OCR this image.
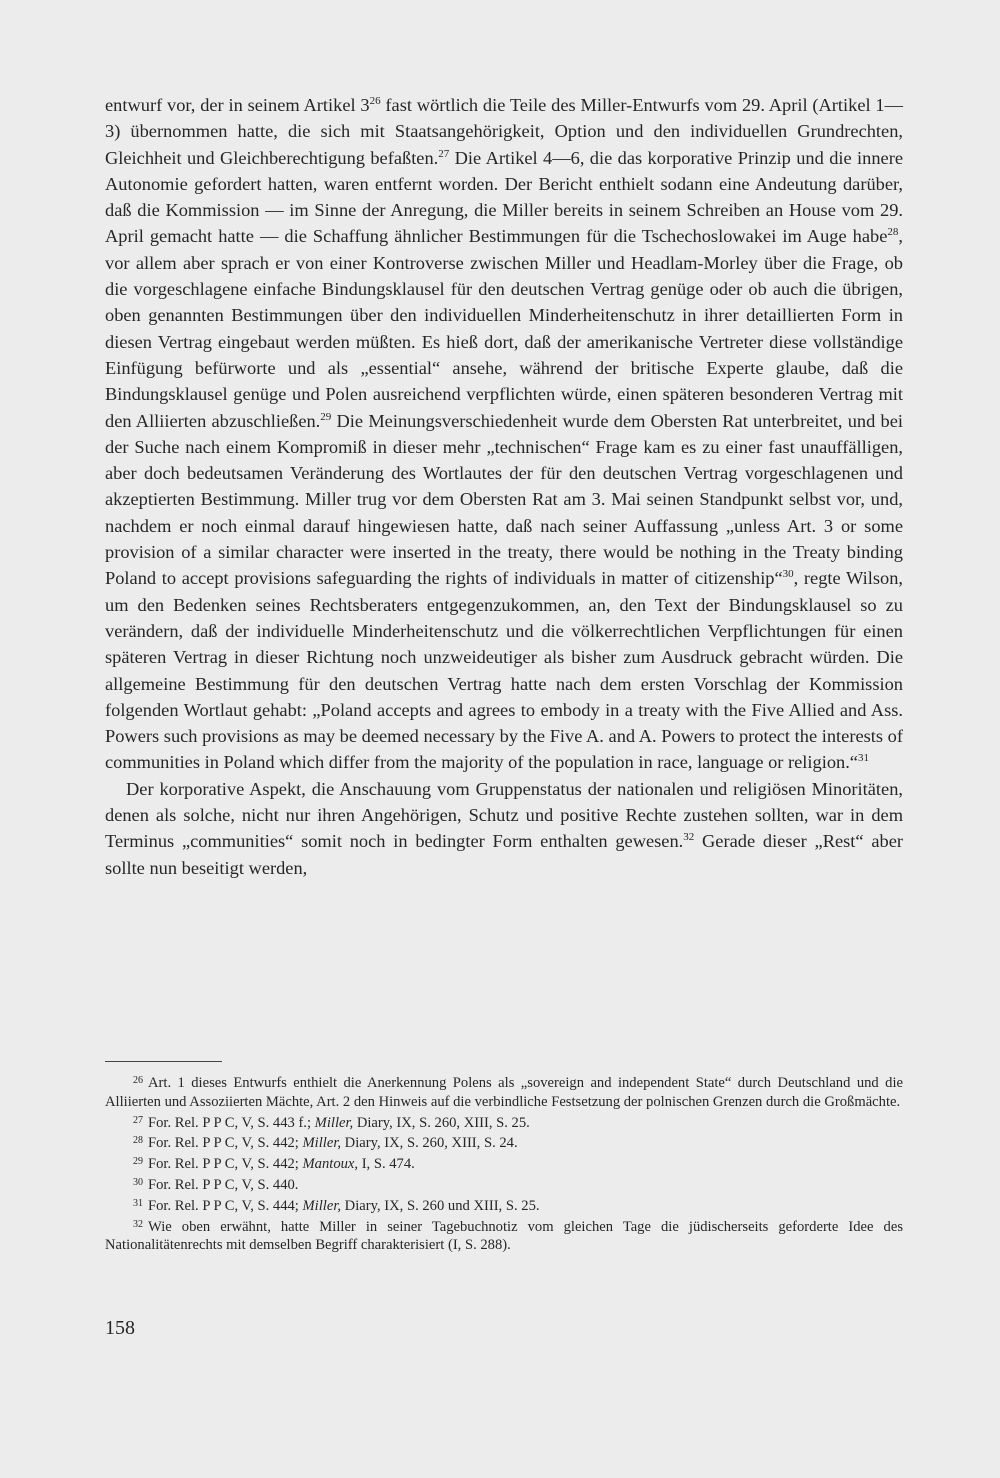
entwurf vor, der in seinem Artikel $3^{26}$ fast wörtlich die Teile des Miller-Entwurfs vom 29. April (Artikel 1—3) übernommen hatte, die sich mit Staatsangehörigkeit, Option und den individuellen Grundrechten, Gleichheit und Gleichberechtigung befaßten.$^{27}$ Die Artikel 4—6, die das korporative Prinzip und die innere Autonomie gefordert hatten, waren entfernt worden. Der Bericht enthielt sodann eine Andeutung darüber, daß die Kommission — im Sinne der Anregung, die Miller bereits in seinem Schreiben an House vom 29. April gemacht hatte — die Schaffung ähnlicher Bestimmungen für die Tschechoslowakei im Auge habe$^{28}$, vor allem aber sprach er von einer Kontroverse zwischen Miller und Headlam-Morley über die Frage, ob die vorgeschlagene einfache Bindungsklausel für den deutschen Vertrag genüge oder ob auch die übrigen, oben genannten Bestimmungen über den individuellen Minderheitenschutz in ihrer detaillierten Form in diesen Vertrag eingebaut werden müßten. Es hieß dort, daß der amerikanische Vertreter diese vollständige Einfügung befürworte und als „essential“ ansehe, während der britische Experte glaube, daß die Bindungsklausel genüge und Polen ausreichend verpflichten würde, einen späteren besonderen Vertrag mit den Alliierten abzuschließen.$^{29}$ Die Meinungsverschiedenheit wurde dem Obersten Rat unterbreitet, und bei der Suche nach einem Kompromiß in dieser mehr „technischen“ Frage kam es zu einer fast unauffälligen, aber doch bedeutsamen Veränderung des Wortlautes der für den deutschen Vertrag vorgeschlagenen und akzeptierten Bestimmung. Miller trug vor dem Obersten Rat am 3. Mai seinen Standpunkt selbst vor, und, nachdem er noch einmal darauf hingewiesen hatte, daß nach seiner Auffassung „unless Art. 3 or some provision of a similar character were inserted in the treaty, there would be nothing in the Treaty binding Poland to accept provisions safeguarding the rights of individuals in matter of citizenship“$^{30}$, regte Wilson, um den Bedenken seines Rechtsberaters entgegenzukommen, an, den Text der Bindungsklausel so zu verändern, daß der individuelle Minderheitenschutz und die völkerrechtlichen Verpflichtungen für einen späteren Vertrag in dieser Richtung noch unzweideutiger als bisher zum Ausdruck gebracht würden. Die allgemeine Bestimmung für den deutschen Vertrag hatte nach dem ersten Vorschlag der Kommission folgenden Wortlaut gehabt: „Poland accepts and agrees to embody in a treaty with the Five Allied and Ass. Powers such provisions as may be deemed necessary by the Five A. and A. Powers to protect the interests of communities in Poland which differ from the majority of the population in race, language or religion.“$^{31}$

Der korporative Aspekt, die Anschauung vom Gruppenstatus der nationalen und religiösen Minoritäten, denen als solche, nicht nur ihren Angehörigen, Schutz und positive Rechte zustehen sollten, war in dem Terminus „communities“ somit noch in bedingter Form enthalten gewesen.$^{32}$ Gerade dieser „Rest“ aber sollte nun beseitigt werden,

$^{26}$ Art. 1 dieses Entwurfs enthielt die Anerkennung Polens als „sovereign and independent State“ durch Deutschland und die Alliierten und Assoziierten Mächte, Art. 2 den Hinweis auf die verbindliche Festsetzung der polnischen Grenzen durch die Großmächte.

$^{27}$ For. Rel. P P C, V, S. 443 f.; Miller, Diary, IX, S. 260, XIII, S. 25.

$^{28}$ For. Rel. P P C, V, S. 442; Miller, Diary, IX, S. 260, XIII, S. 24.

$^{29}$ For. Rel. P P C, V, S. 442; Mantoux, I, S. 474.

$^{30}$ For. Rel. P P C, V, S. 440.

$^{31}$ For. Rel. P P C, V, S. 444; Miller, Diary, IX, S. 260 und XIII, S. 25.

$^{32}$ Wie oben erwähnt, hatte Miller in seiner Tagebuchnotiz vom gleichen Tage die jüdischerseits geforderte Idee des Nationalitätenrechts mit demselben Begriff charakterisiert (I, S. 288).

158
